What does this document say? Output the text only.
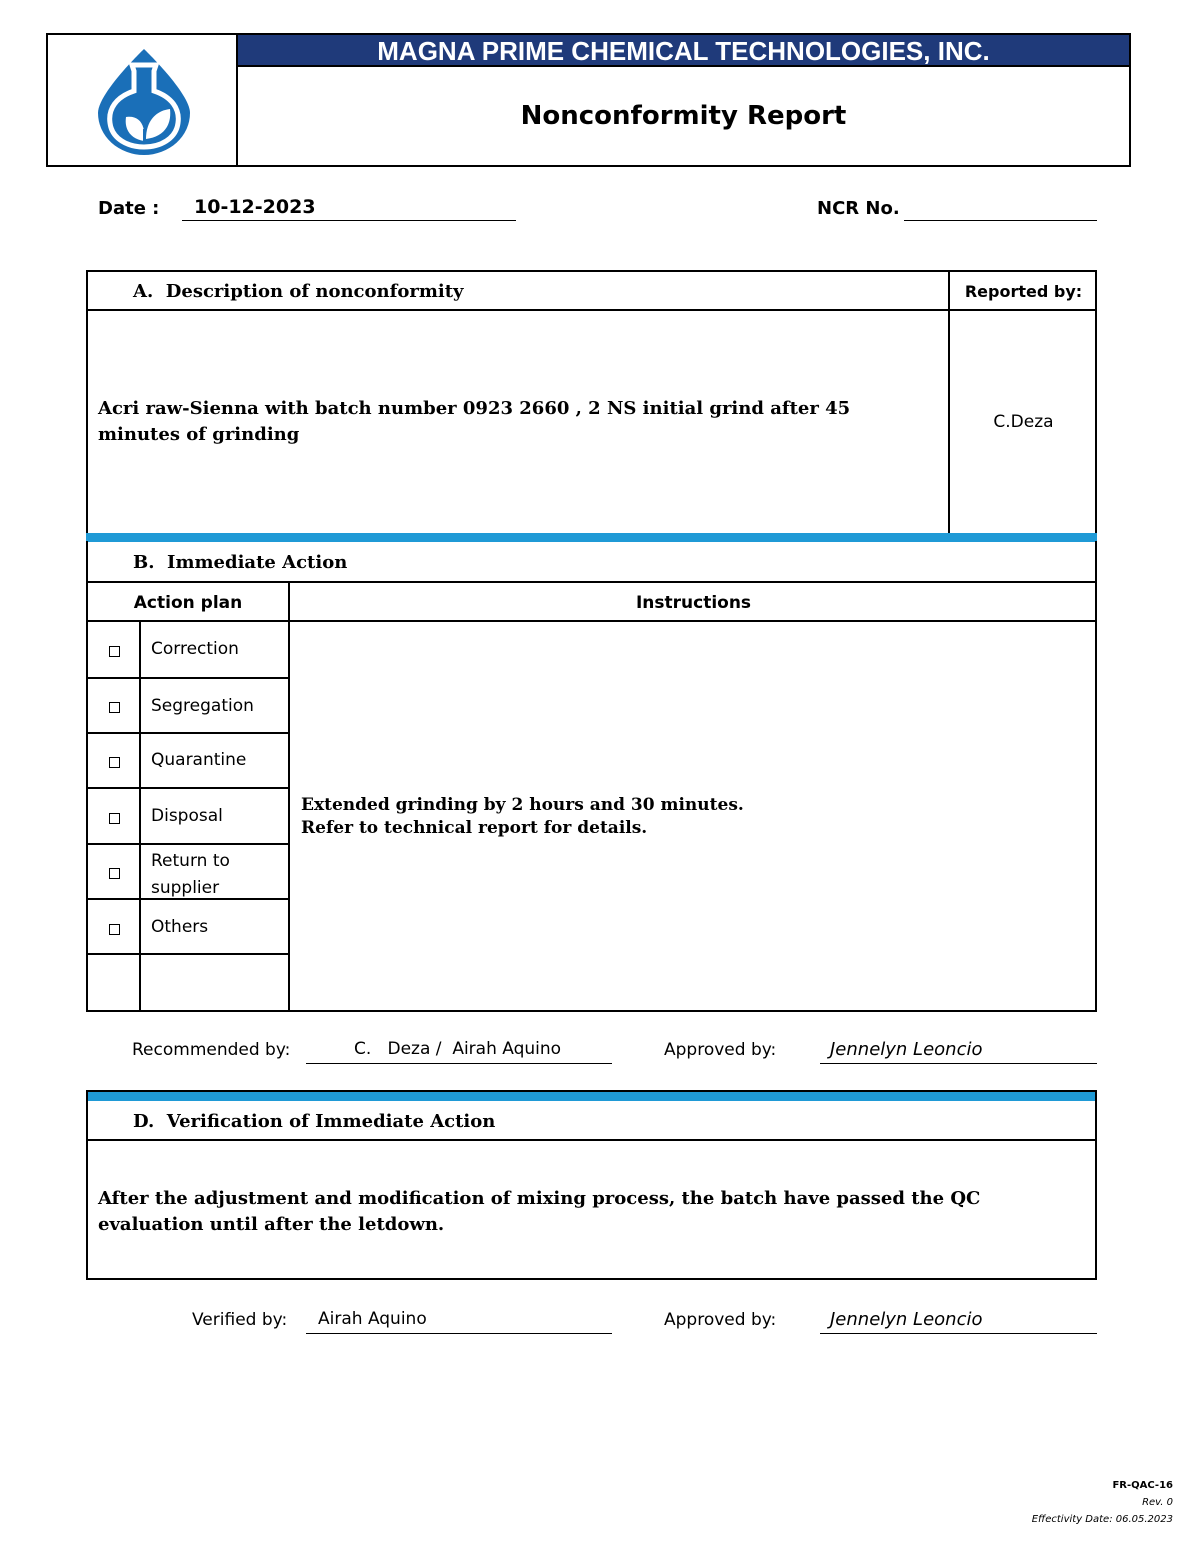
MAGNA PRIME CHEMICAL TECHNOLOGIES, INC.
Nonconformity Report
Date : 10-12-2023	NCR No.
A. Description of nonconformity	Reported by:
Acri raw-Sienna with batch number 0923 2660 , 2 NS initial grind after 45 minutes of grinding
C.Deza
B. Immediate Action
Action plan	Instructions
Correction
Segregation
Quarantine
Disposal
Return to supplier
Others
Extended grinding by 2 hours and 30 minutes.
Refer to technical report for details.
Recommended by:	C.   Deza /  Airah Aquino	Approved by:	Jennelyn Leoncio
D. Verification of Immediate Action
After the adjustment and modification of mixing process, the batch have passed the QC evaluation until after the letdown.
Verified by: Airah Aquino	Approved by:	Jennelyn Leoncio
FR-QAC-16
Rev. 0
Effectivity Date: 06.05.2023
